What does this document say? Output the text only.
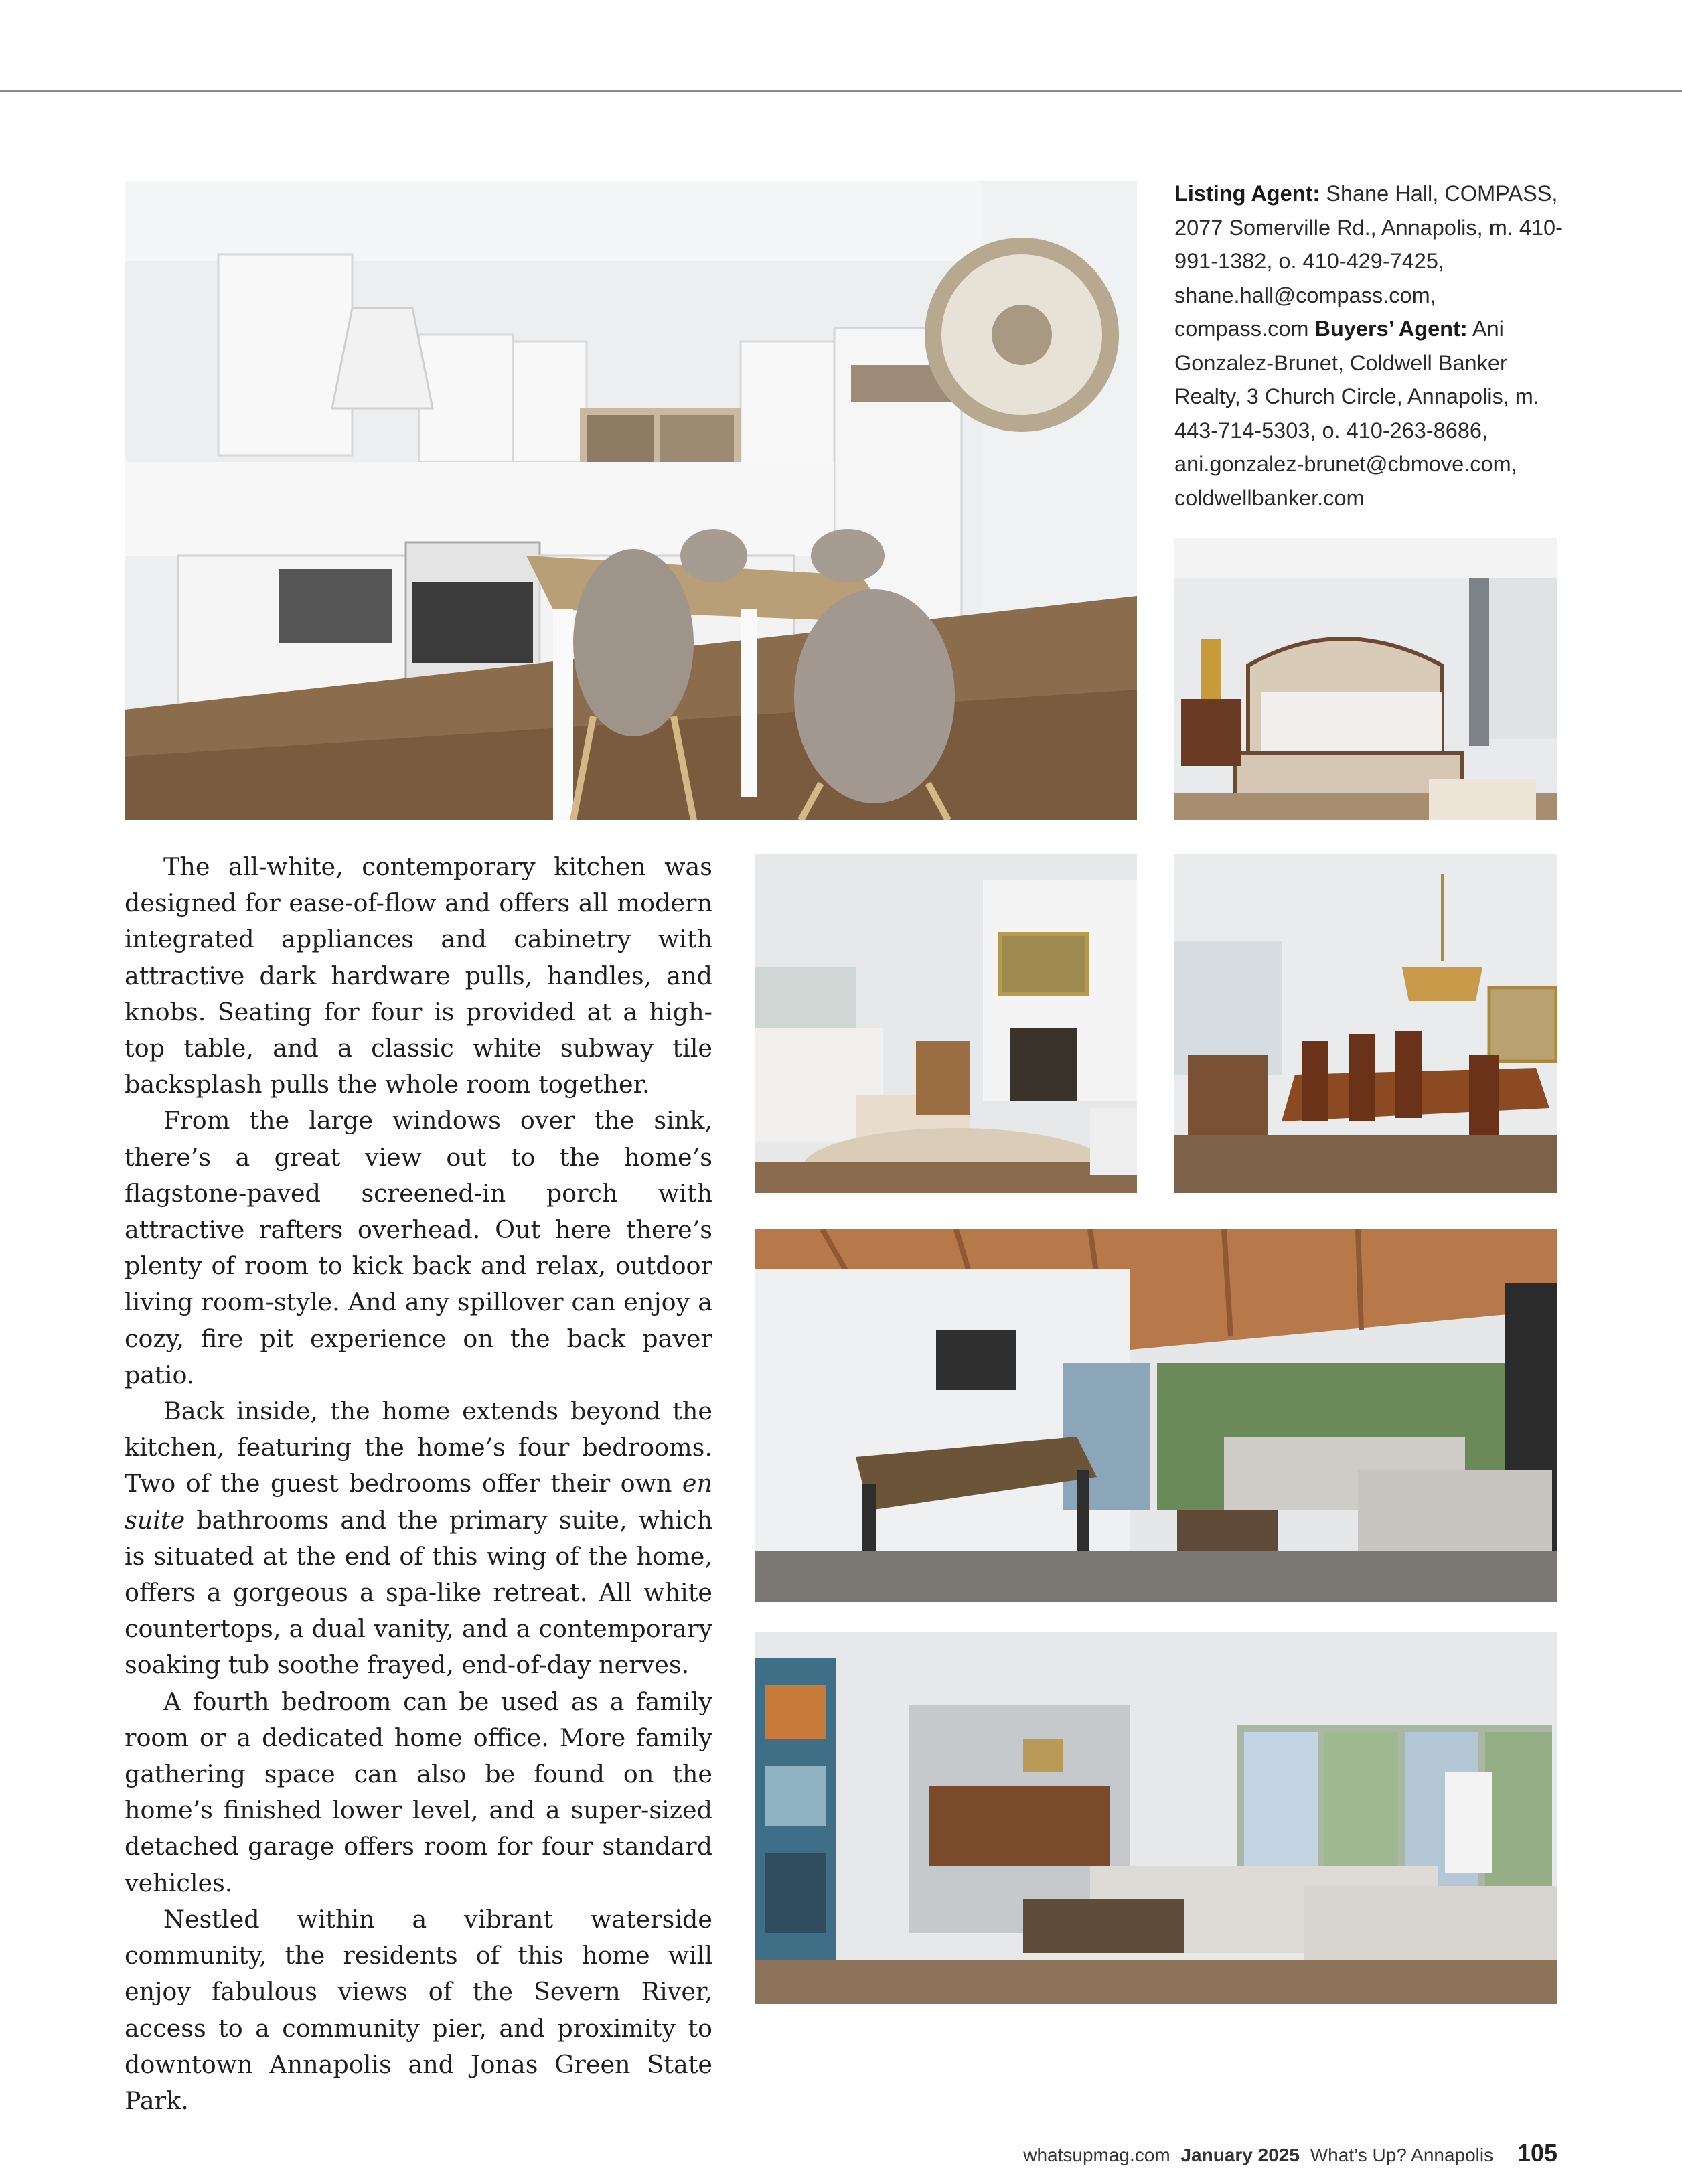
Listing Agent: Shane Hall, COMPASS, 2077 Somerville Rd., Annapolis, m. 410-991-1382, o. 410-429-7425, shane.hall@compass.com, compass.com Buyers’ Agent: Ani Gonzalez-Brunet, Coldwell Banker Realty, 3 Church Circle, Annapolis, m. 443-714-5303, o. 410-263-8686, ani.gonzalez-brunet@cbmove.com, coldwellbanker.com

The all-white, contemporary kitchen was designed for ease-of-flow and offers all modern integrated appliances and cabinetry with attractive dark hardware pulls, handles, and knobs. Seating for four is provided at a high-top table, and a classic white subway tile backsplash pulls the whole room together.

From the large windows over the sink, there’s a great view out to the home’s flagstone-paved screened-in porch with attractive rafters overhead. Out here there’s plenty of room to kick back and relax, outdoor living room-style. And any spillover can enjoy a cozy, fire pit experience on the back paver patio.

Back inside, the home extends beyond the kitchen, featuring the home’s four bedrooms. Two of the guest bedrooms offer their own en suite bathrooms and the primary suite, which is situated at the end of this wing of the home, offers a gorgeous a spa-like retreat. All white countertops, a dual vanity, and a contemporary soaking tub soothe frayed, end-of-day nerves.

A fourth bedroom can be used as a family room or a dedicated home office. More family gathering space can also be found on the home’s finished lower level, and a super-sized detached garage offers room for four standard vehicles.

Nestled within a vibrant waterside community, the residents of this home will enjoy fabulous views of the Severn River, access to a community pier, and proximity to downtown Annapolis and Jonas Green State Park.

whatsupmag.com January 2025 What’s Up? Annapolis 105
